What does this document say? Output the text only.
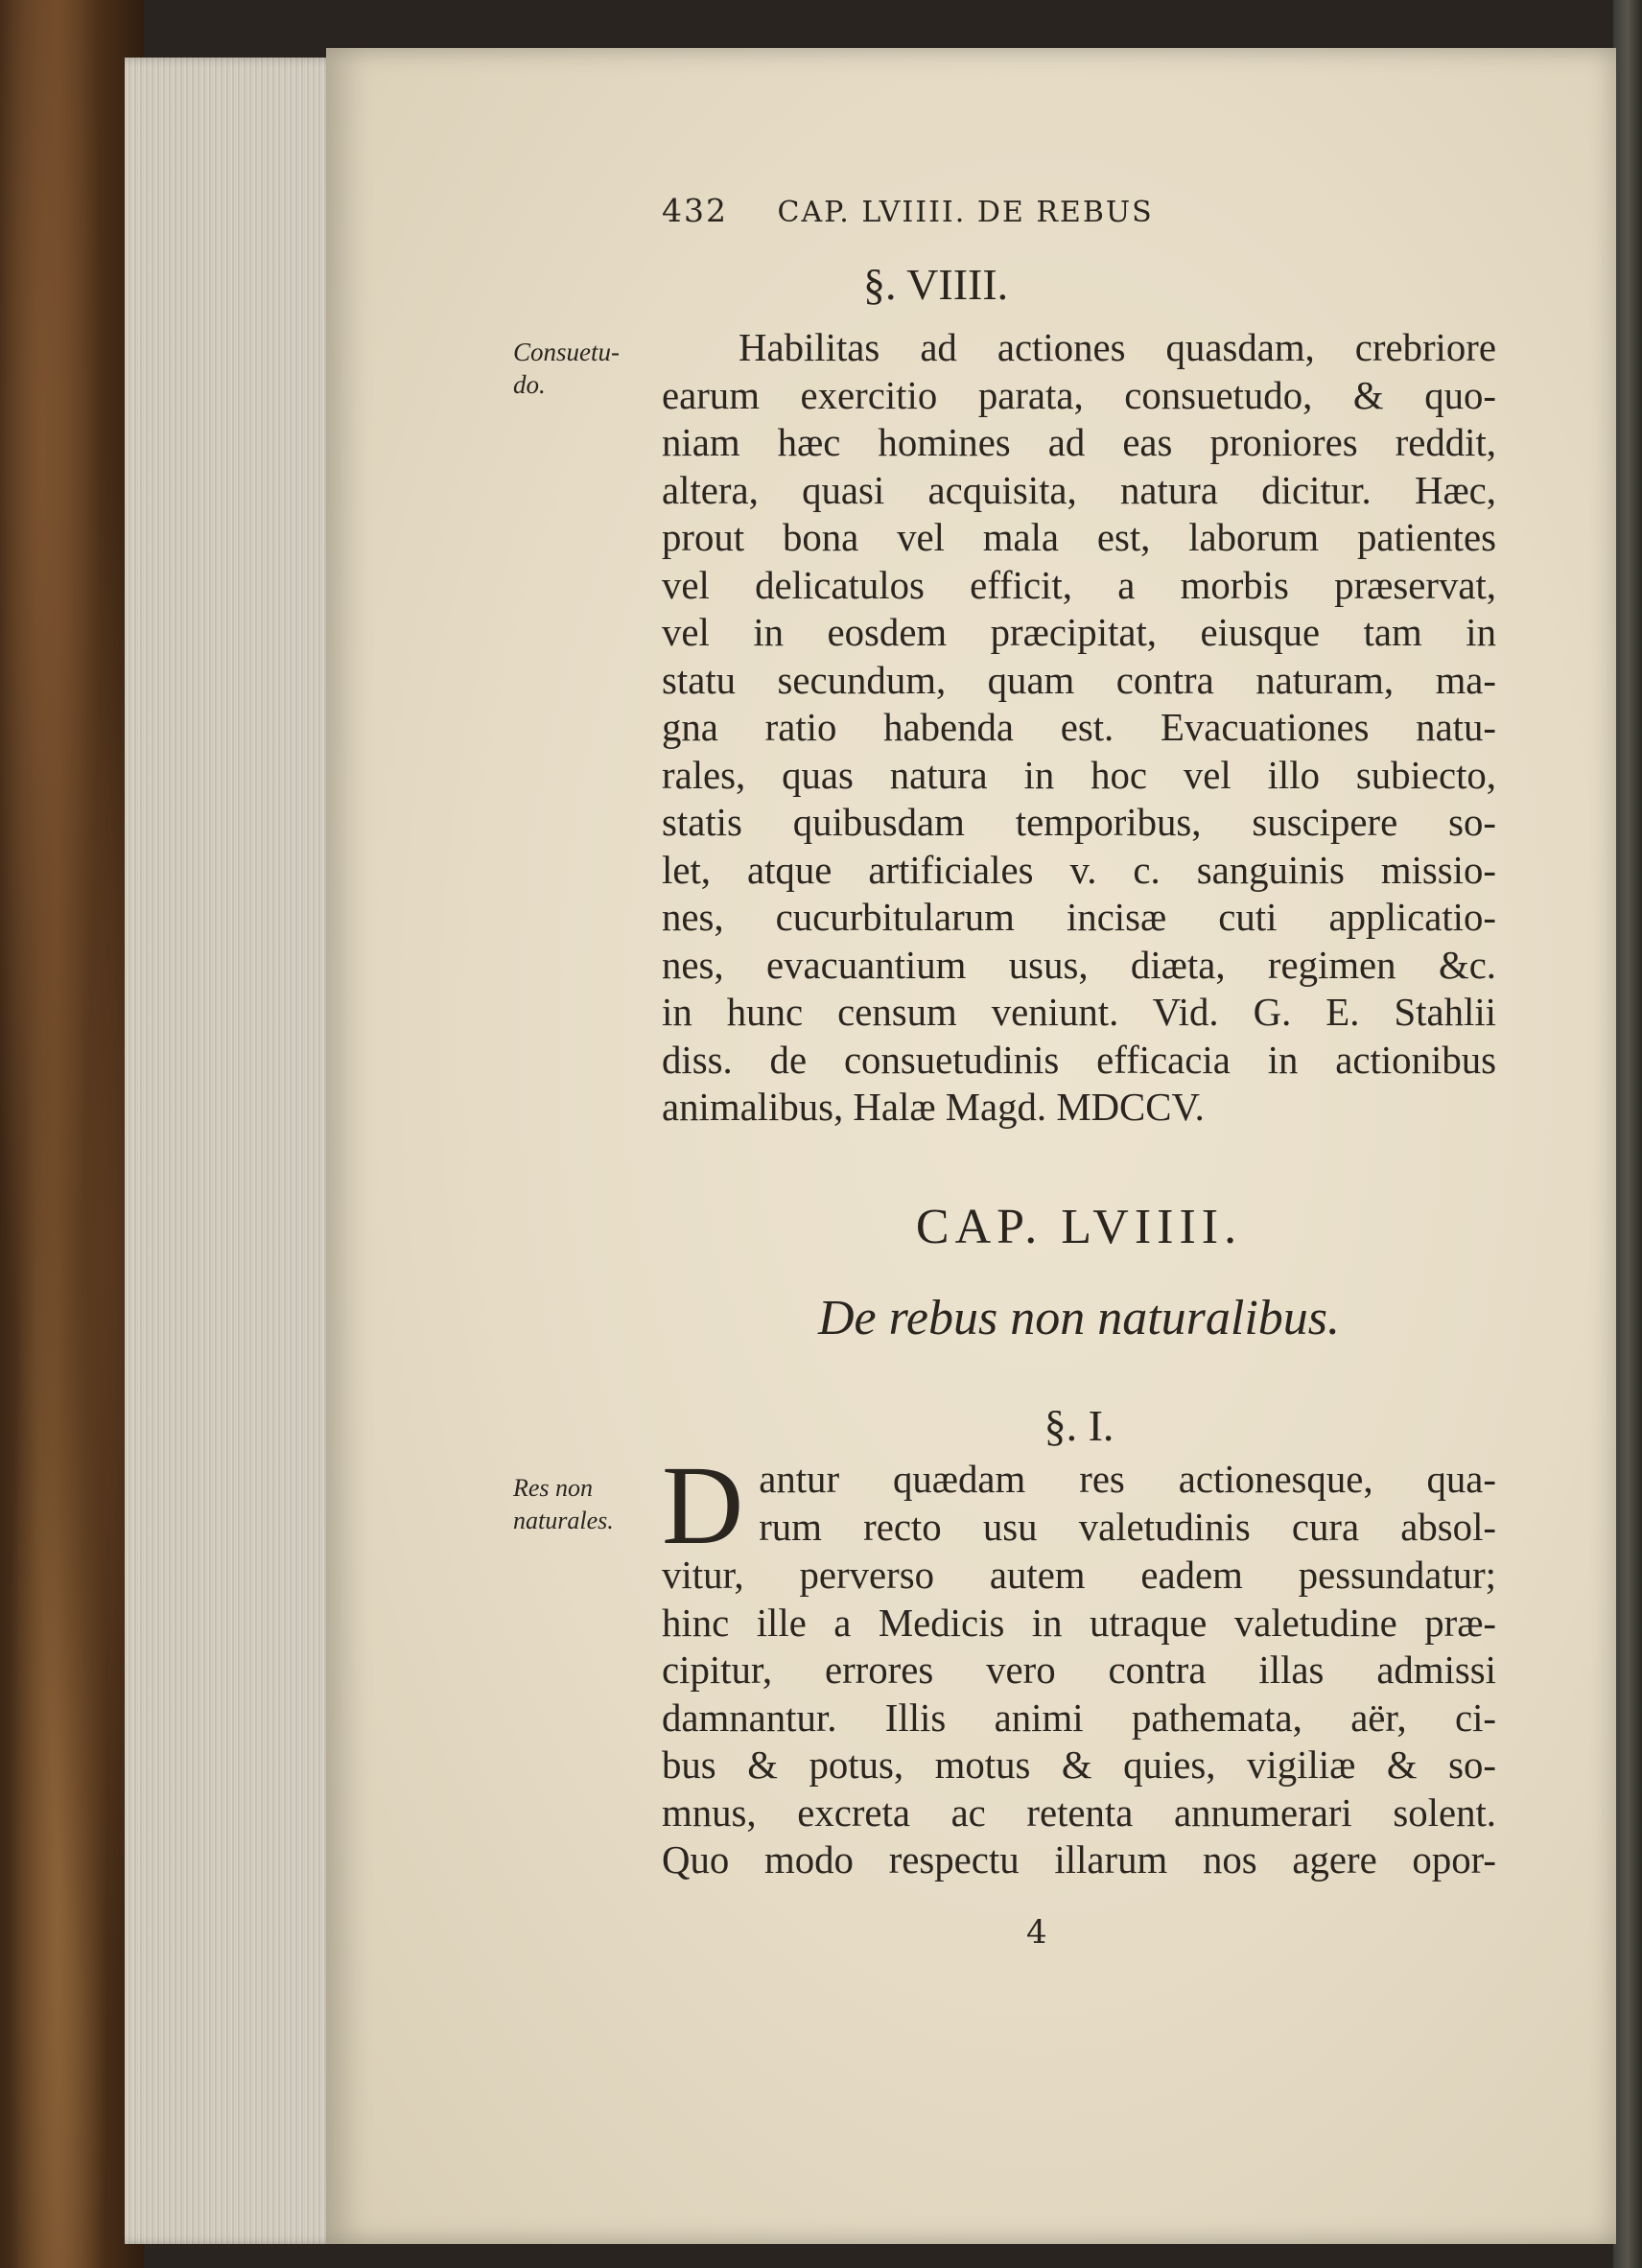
432 CAP. LVIIII. DE REBUS
§. VIIII.
Consuetu-
do.
Habilitas ad actiones quasdam, crebriore
earum exercitio parata, consuetudo, & quo-
niam hæc homines ad eas proniores reddit,
altera, quasi acquisita, natura dicitur. Hæc,
prout bona vel mala est, laborum patientes
vel delicatulos efficit, a morbis præservat,
vel in eosdem præcipitat, eiusque tam in
statu secundum, quam contra naturam, ma-
gna ratio habenda est. Evacuationes natu-
rales, quas natura in hoc vel illo subiecto,
statis quibusdam temporibus, suscipere so-
let, atque artificiales v. c. sanguinis missio-
nes, cucurbitularum incisæ cuti applicatio-
nes, evacuantium usus, diæta, regimen &c.
in hunc censum veniunt. Vid. G. E. Stahlii
diss. de consuetudinis efficacia in actionibus
animalibus, Halæ Magd. MDCCV.
CAP. LVIIII.
De rebus non naturalibus.
§. I.
Res non
naturales. D antur quædam res actionesque, qua-
rum recto usu valetudinis cura absol-
vitur, perverso autem eadem pessundatur;
hinc ille a Medicis in utraque valetudine præ-
cipitur, errores vero contra illas admissi
damnantur. Illis animi pathemata, aër, ci-
bus & potus, motus & quies, vigiliæ & so-
mnus, excreta ac retenta annumerari solent.
Quo modo respectu illarum nos agere opor-
4
